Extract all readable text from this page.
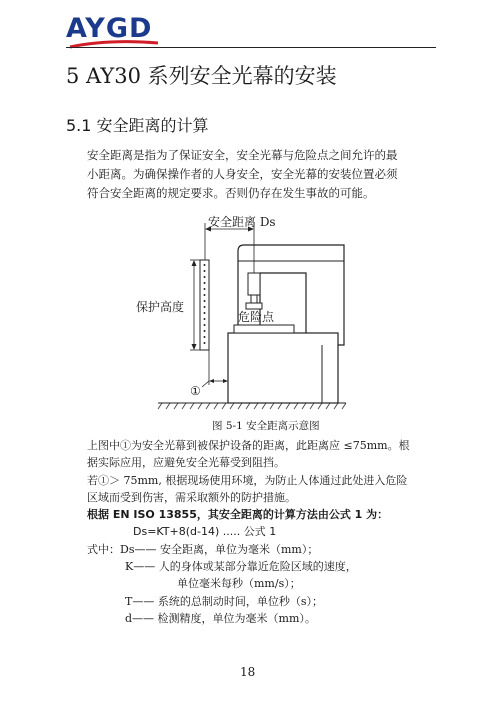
AYGD
5 AY30 系列安全光幕的安装
5.1 安全距离的计算
安全距离是指为了保证安全，安全光幕与危险点之间允许的最
小距离。为确保操作者的人身安全，安全光幕的安装位置必须
符合安全距离的规定要求。否则仍存在发生事故的可能。
安全距离 Ds
保护高度
危险点
①
图 5-1 安全距离示意图
上图中①为安全光幕到被保护设备的距离，此距离应 ≤75mm。根
据实际应用，应避免安全光幕受到阻挡。
若①＞ 75mm, 根据现场使用环境，为防止人体通过此处进入危险
区域而受到伤害，需采取额外的防护措施。
根据 EN ISO 13855，其安全距离的计算方法由公式 1 为：
Ds=KT+8(d-14) ..... 公式 1
式中：Ds—— 安全距离，单位为毫米（mm）；
K—— 人的身体或某部分靠近危险区域的速度，
单位毫米每秒（mm/s）；
T—— 系统的总制动时间，单位秒（s）；
d—— 检测精度，单位为毫米（mm）。
18
